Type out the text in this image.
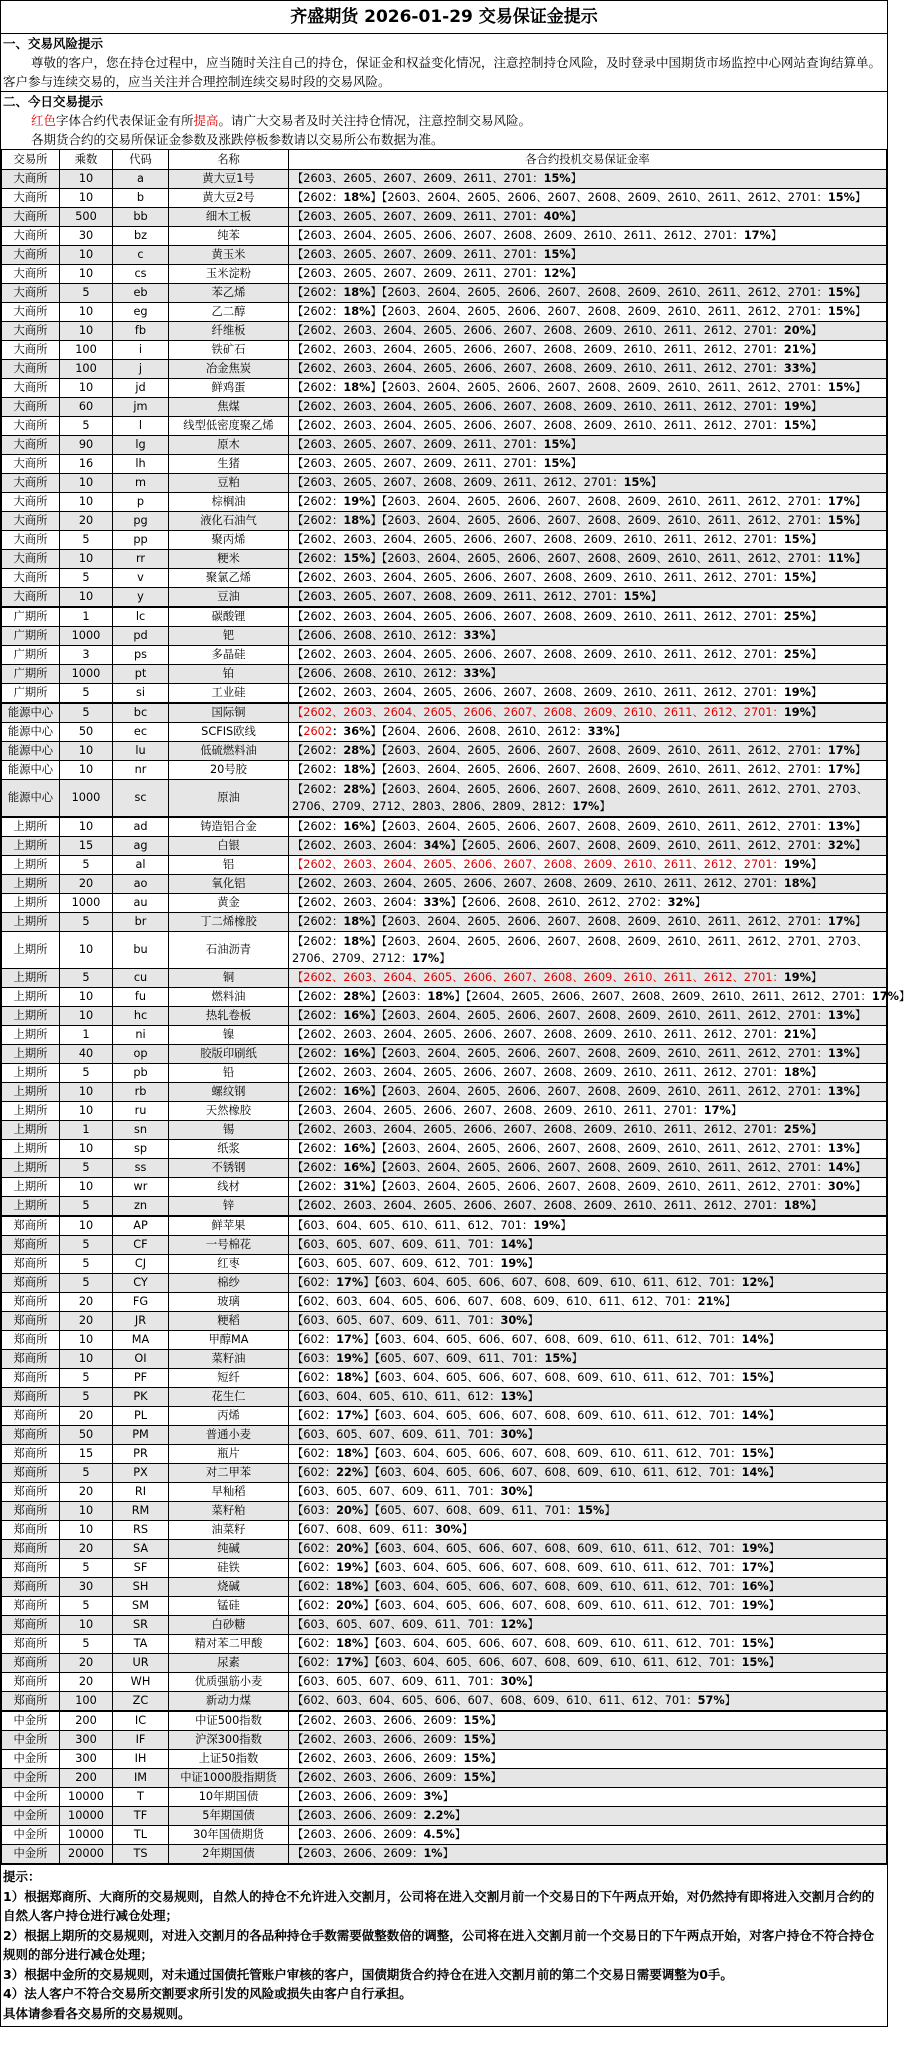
齐盛期货 2026-01-29 交易保证金提示
一、交易风险提示
尊敬的客户，您在持仓过程中，应当随时关注自己的持仓，保证金和权益变化情况，注意控制持仓风险，及时登录中国期货市场监控中心网站查询结算单。客户参与连续交易的，应当关注并合理控制连续交易时段的交易风险。
二、今日交易提示
红色字体合约代表保证金有所提高。请广大交易者及时关注持仓情况，注意控制交易风险。
各期货合约的交易所保证金参数及涨跌停板参数请以交易所公布数据为准。
交易所	乘数	代码	名称	各合约投机交易保证金率
大商所	10	a	黄大豆1号	【2603、2605、2607、2609、2611、2701：15%】
大商所	10	b	黄大豆2号	【2602：18%】【2603、2604、2605、2606、2607、2608、2609、2610、2611、2612、2701：15%】
大商所	500	bb	细木工板	【2603、2605、2607、2609、2611、2701：40%】
大商所	30	bz	纯苯	【2603、2604、2605、2606、2607、2608、2609、2610、2611、2612、2701：17%】
大商所	10	c	黄玉米	【2603、2605、2607、2609、2611、2701：15%】
大商所	10	cs	玉米淀粉	【2603、2605、2607、2609、2611、2701：12%】
大商所	5	eb	苯乙烯	【2602：18%】【2603、2604、2605、2606、2607、2608、2609、2610、2611、2612、2701：15%】
大商所	10	eg	乙二醇	【2602：18%】【2603、2604、2605、2606、2607、2608、2609、2610、2611、2612、2701：15%】
大商所	10	fb	纤维板	【2602、2603、2604、2605、2606、2607、2608、2609、2610、2611、2612、2701：20%】
大商所	100	i	铁矿石	【2602、2603、2604、2605、2606、2607、2608、2609、2610、2611、2612、2701：21%】
大商所	100	j	冶金焦炭	【2602、2603、2604、2605、2606、2607、2608、2609、2610、2611、2612、2701：33%】
大商所	10	jd	鲜鸡蛋	【2602：18%】【2603、2604、2605、2606、2607、2608、2609、2610、2611、2612、2701：15%】
大商所	60	jm	焦煤	【2602、2603、2604、2605、2606、2607、2608、2609、2610、2611、2612、2701：19%】
大商所	5	l	线型低密度聚乙烯	【2602、2603、2604、2605、2606、2607、2608、2609、2610、2611、2612、2701：15%】
大商所	90	lg	原木	【2603、2605、2607、2609、2611、2701：15%】
大商所	16	lh	生猪	【2603、2605、2607、2609、2611、2701：15%】
大商所	10	m	豆粕	【2603、2605、2607、2608、2609、2611、2612、2701：15%】
大商所	10	p	棕榈油	【2602：19%】【2603、2604、2605、2606、2607、2608、2609、2610、2611、2612、2701：17%】
大商所	20	pg	液化石油气	【2602：18%】【2603、2604、2605、2606、2607、2608、2609、2610、2611、2612、2701：15%】
大商所	5	pp	聚丙烯	【2602、2603、2604、2605、2606、2607、2608、2609、2610、2611、2612、2701：15%】
大商所	10	rr	粳米	【2602：15%】【2603、2604、2605、2606、2607、2608、2609、2610、2611、2612、2701：11%】
大商所	5	v	聚氯乙烯	【2602、2603、2604、2605、2606、2607、2608、2609、2610、2611、2612、2701：15%】
大商所	10	y	豆油	【2603、2605、2607、2608、2609、2611、2612、2701：15%】
广期所	1	lc	碳酸锂	【2602、2603、2604、2605、2606、2607、2608、2609、2610、2611、2612、2701：25%】
广期所	1000	pd	钯	【2606、2608、2610、2612：33%】
广期所	3	ps	多晶硅	【2602、2603、2604、2605、2606、2607、2608、2609、2610、2611、2612、2701：25%】
广期所	1000	pt	铂	【2606、2608、2610、2612：33%】
广期所	5	si	工业硅	【2602、2603、2604、2605、2606、2607、2608、2609、2610、2611、2612、2701：19%】
能源中心	5	bc	国际铜	【2602、2603、2604、2605、2606、2607、2608、2609、2610、2611、2612、2701：19%】
能源中心	50	ec	SCFIS欧线	【2602：36%】【2604、2606、2608、2610、2612：33%】
能源中心	10	lu	低硫燃料油	【2602：28%】【2603、2604、2605、2606、2607、2608、2609、2610、2611、2612、2701：17%】
能源中心	10	nr	20号胶	【2602：18%】【2603、2604、2605、2606、2607、2608、2609、2610、2611、2612、2701：17%】
能源中心	1000	sc	原油	【2602：28%】【2603、2604、2605、2606、2607、2608、2609、2610、2611、2612、2701、2703、2706、2709、2712、2803、2806、2809、2812：17%】
上期所	10	ad	铸造铝合金	【2602：16%】【2603、2604、2605、2606、2607、2608、2609、2610、2611、2612、2701：13%】
上期所	15	ag	白银	【2602、2603、2604：34%】【2605、2606、2607、2608、2609、2610、2611、2612、2701：32%】
上期所	5	al	铝	【2602、2603、2604、2605、2606、2607、2608、2609、2610、2611、2612、2701：19%】
上期所	20	ao	氧化铝	【2602、2603、2604、2605、2606、2607、2608、2609、2610、2611、2612、2701：18%】
上期所	1000	au	黄金	【2602、2603、2604：33%】【2606、2608、2610、2612、2702：32%】
上期所	5	br	丁二烯橡胶	【2602：18%】【2603、2604、2605、2606、2607、2608、2609、2610、2611、2612、2701：17%】
上期所	10	bu	石油沥青	【2602：18%】【2603、2604、2605、2606、2607、2608、2609、2610、2611、2612、2701、2703、2706、2709、2712：17%】
上期所	5	cu	铜	【2602、2603、2604、2605、2606、2607、2608、2609、2610、2611、2612、2701：19%】
上期所	10	fu	燃料油	【2602：28%】【2603：18%】【2604、2605、2606、2607、2608、2609、2610、2611、2612、2701：17%】
上期所	10	hc	热轧卷板	【2602：16%】【2603、2604、2605、2606、2607、2608、2609、2610、2611、2612、2701：13%】
上期所	1	ni	镍	【2602、2603、2604、2605、2606、2607、2608、2609、2610、2611、2612、2701：21%】
上期所	40	op	胶版印刷纸	【2602：16%】【2603、2604、2605、2606、2607、2608、2609、2610、2611、2612、2701：13%】
上期所	5	pb	铅	【2602、2603、2604、2605、2606、2607、2608、2609、2610、2611、2612、2701：18%】
上期所	10	rb	螺纹钢	【2602：16%】【2603、2604、2605、2606、2607、2608、2609、2610、2611、2612、2701：13%】
上期所	10	ru	天然橡胶	【2603、2604、2605、2606、2607、2608、2609、2610、2611、2701：17%】
上期所	1	sn	锡	【2602、2603、2604、2605、2606、2607、2608、2609、2610、2611、2612、2701：25%】
上期所	10	sp	纸浆	【2602：16%】【2603、2604、2605、2606、2607、2608、2609、2610、2611、2612、2701：13%】
上期所	5	ss	不锈钢	【2602：16%】【2603、2604、2605、2606、2607、2608、2609、2610、2611、2612、2701：14%】
上期所	10	wr	线材	【2602：31%】【2603、2604、2605、2606、2607、2608、2609、2610、2611、2612、2701：30%】
上期所	5	zn	锌	【2602、2603、2604、2605、2606、2607、2608、2609、2610、2611、2612、2701：18%】
郑商所	10	AP	鲜苹果	【603、604、605、610、611、612、701：19%】
郑商所	5	CF	一号棉花	【603、605、607、609、611、701：14%】
郑商所	5	CJ	红枣	【603、605、607、609、612、701：19%】
郑商所	5	CY	棉纱	【602：17%】【603、604、605、606、607、608、609、610、611、612、701：12%】
郑商所	20	FG	玻璃	【602、603、604、605、606、607、608、609、610、611、612、701：21%】
郑商所	20	JR	粳稻	【603、605、607、609、611、701：30%】
郑商所	10	MA	甲醇MA	【602：17%】【603、604、605、606、607、608、609、610、611、612、701：14%】
郑商所	10	OI	菜籽油	【603：19%】【605、607、609、611、701：15%】
郑商所	5	PF	短纤	【602：18%】【603、604、605、606、607、608、609、610、611、612、701：15%】
郑商所	5	PK	花生仁	【603、604、605、610、611、612：13%】
郑商所	20	PL	丙烯	【602：17%】【603、604、605、606、607、608、609、610、611、612、701：14%】
郑商所	50	PM	普通小麦	【603、605、607、609、611、701：30%】
郑商所	15	PR	瓶片	【602：18%】【603、604、605、606、607、608、609、610、611、612、701：15%】
郑商所	5	PX	对二甲苯	【602：22%】【603、604、605、606、607、608、609、610、611、612、701：14%】
郑商所	20	RI	早籼稻	【603、605、607、609、611、701：30%】
郑商所	10	RM	菜籽粕	【603：20%】【605、607、608、609、611、701：15%】
郑商所	10	RS	油菜籽	【607、608、609、611：30%】
郑商所	20	SA	纯碱	【602：20%】【603、604、605、606、607、608、609、610、611、612、701：19%】
郑商所	5	SF	硅铁	【602：19%】【603、604、605、606、607、608、609、610、611、612、701：17%】
郑商所	30	SH	烧碱	【602：18%】【603、604、605、606、607、608、609、610、611、612、701：16%】
郑商所	5	SM	锰硅	【602：20%】【603、604、605、606、607、608、609、610、611、612、701：19%】
郑商所	10	SR	白砂糖	【603、605、607、609、611、701：12%】
郑商所	5	TA	精对苯二甲酸	【602：18%】【603、604、605、606、607、608、609、610、611、612、701：15%】
郑商所	20	UR	尿素	【602：17%】【603、604、605、606、607、608、609、610、611、612、701：15%】
郑商所	20	WH	优质强筋小麦	【603、605、607、609、611、701：30%】
郑商所	100	ZC	新动力煤	【602、603、604、605、606、607、608、609、610、611、612、701：57%】
中金所	200	IC	中证500指数	【2602、2603、2606、2609：15%】
中金所	300	IF	沪深300指数	【2602、2603、2606、2609：15%】
中金所	300	IH	上证50指数	【2602、2603、2606、2609：15%】
中金所	200	IM	中证1000股指期货	【2602、2603、2606、2609：15%】
中金所	10000	T	10年期国债	【2603、2606、2609：3%】
中金所	10000	TF	5年期国债	【2603、2606、2609：2.2%】
中金所	10000	TL	30年国债期货	【2603、2606、2609：4.5%】
中金所	20000	TS	2年期国债	【2603、2606、2609：1%】
提示：
1）根据郑商所、大商所的交易规则，自然人的持仓不允许进入交割月，公司将在进入交割月前一个交易日的下午两点开始，对仍然持有即将进入交割月合约的自然人客户持仓进行减仓处理；
2）根据上期所的交易规则，对进入交割月的各品种持仓手数需要做整数倍的调整，公司将在进入交割月前一个交易日的下午两点开始，对客户持仓不符合持仓规则的部分进行减仓处理；
3）根据中金所的交易规则，对未通过国债托管账户审核的客户，国债期货合约持仓在进入交割月前的第二个交易日需要调整为0手。
4）法人客户不符合交易所交割要求所引发的风险或损失由客户自行承担。
具体请参看各交易所的交易规则。
